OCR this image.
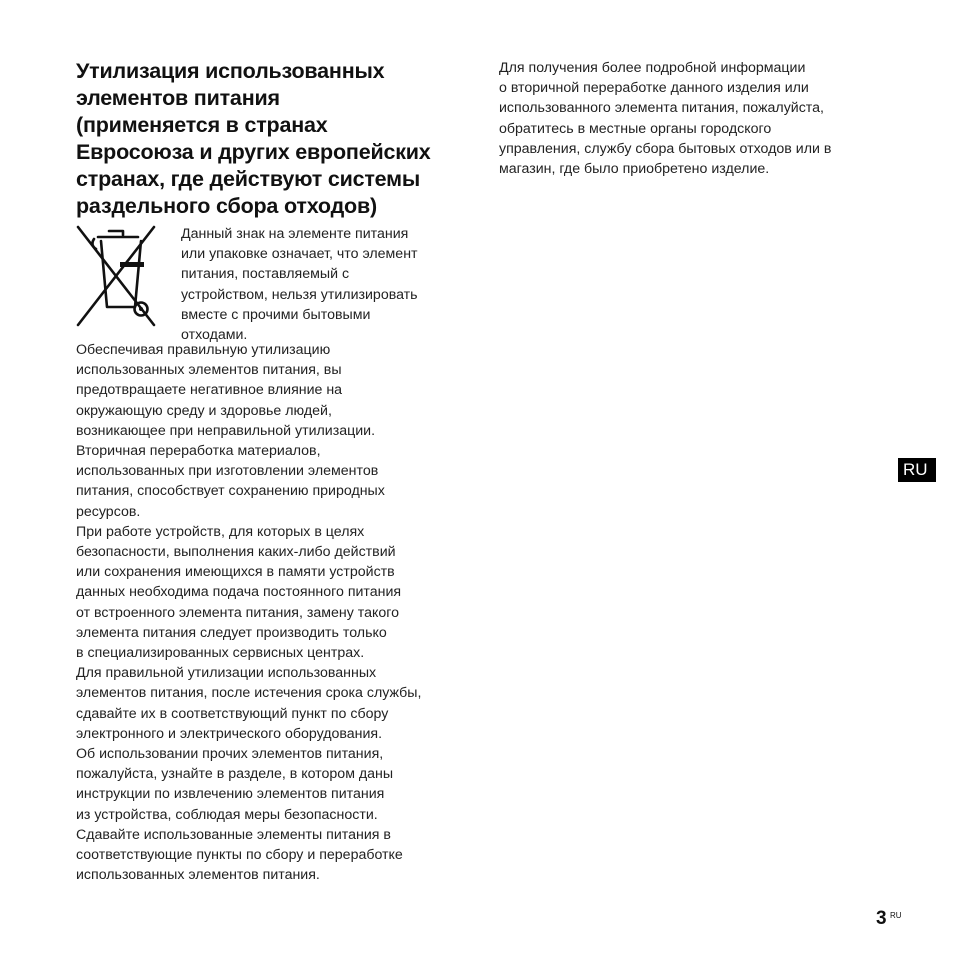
Утилизация использованных
элементов питания
(применяется в странах
Евросоюза и других европейских
странах, где действуют системы
раздельного сбора отходов)
Данный знак на элементе питания
или упаковке означает, что элемент
питания, поставляемый с
устройством, нельзя утилизировать
вместе с прочими бытовыми
отходами.
Обеспечивая правильную утилизацию
использованных элементов питания, вы
предотвращаете негативное влияние на
окружающую среду и здоровье людей,
возникающее при неправильной утилизации.
Вторичная переработка материалов,
использованных при изготовлении элементов
питания, способствует сохранению природных
ресурсов.
При работе устройств, для которых в целях
безопасности, выполнения каких-либо действий
или сохранения имеющихся в памяти устройств
данных необходима подача постоянного питания
от встроенного элемента питания, замену такого
элемента питания следует производить только
в специализированных сервисных центрах.
Для правильной утилизации использованных
элементов питания, после истечения срока службы,
сдавайте их в соответствующий пункт по сбору
электронного и электрического оборудования.
Об использовании прочих элементов питания,
пожалуйста, узнайте в разделе, в котором даны
инструкции по извлечению элементов питания
из устройства, соблюдая меры безопасности.
Сдавайте использованные элементы питания в
соответствующие пункты по сбору и переработке
использованных элементов питания.
Для получения более подробной информации
о вторичной переработке данного изделия или
использованного элемента питания, пожалуйста,
обратитесь в местные органы городского
управления, службу сбора бытовых отходов или в
магазин, где было приобретено изделие.
RU
3 RU
